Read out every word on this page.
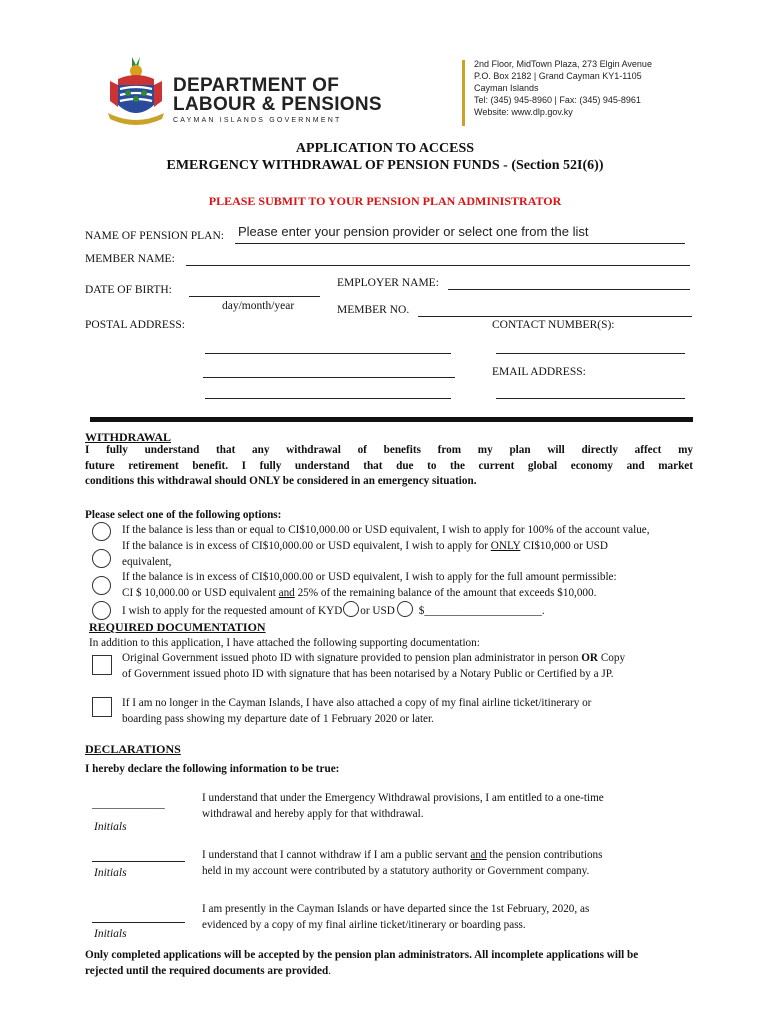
DEPARTMENT OF
LABOUR & PENSIONS
CAYMAN ISLANDS GOVERNMENT
2nd Floor, MidTown Plaza, 273 Elgin Avenue
P.O. Box 2182 | Grand Cayman KY1-1105
Cayman Islands
Tel: (345) 945-8960 | Fax: (345) 945-8961
Website: www.dlp.gov.ky
APPLICATION TO ACCESS
EMERGENCY WITHDRAWAL OF PENSION FUNDS - (Section 52I(6))
PLEASE SUBMIT TO YOUR PENSION PLAN ADMINISTRATOR
NAME OF PENSION PLAN: Please enter your pension provider or select one from the list
MEMBER NAME:
EMPLOYER NAME:
DATE OF BIRTH:
day/month/year	MEMBER NO.
POSTAL ADDRESS:	CONTACT NUMBER(S):
EMAIL ADDRESS:
WITHDRAWAL
I fully understand that any withdrawal of benefits from my plan will directly affect my
future retirement benefit. I fully understand that due to the current global economy and market
conditions this withdrawal should ONLY be considered in an emergency situation.
Please select one of the following options:
If the balance is less than or equal to CI$10,000.00 or USD equivalent, I wish to apply for 100% of the account value,
If the balance is in excess of CI$10,000.00 or USD equivalent, I wish to apply for ONLY CI$10,000 or USD
equivalent,
If the balance is in excess of CI$10,000.00 or USD equivalent, I wish to apply for the full amount permissible:
CI $ 10,000.00 or USD equivalent and 25% of the remaining balance of the amount that exceeds $10,000.
I wish to apply for the requested amount of KYD or USD $_____________________.
REQUIRED DOCUMENTATION
In addition to this application, I have attached the following supporting documentation:
Original Government issued photo ID with signature provided to pension plan administrator in person OR Copy
of Government issued photo ID with signature that has been notarised by a Notary Public or Certified by a JP.
If I am no longer in the Cayman Islands, I have also attached a copy of my final airline ticket/itinerary or
boarding pass showing my departure date of 1 February 2020 or later.
DECLARATIONS
I hereby declare the following information to be true:
_____________
Initials
I understand that under the Emergency Withdrawal provisions, I am entitled to a one-time
withdrawal and hereby apply for that withdrawal.
Initials
I understand that I cannot withdraw if I am a public servant and the pension contributions
held in my account were contributed by a statutory authority or Government company.
Initials
I am presently in the Cayman Islands or have departed since the 1st February, 2020, as
evidenced by a copy of my final airline ticket/itinerary or boarding pass.
Only completed applications will be accepted by the pension plan administrators. All incomplete applications will be
rejected until the required documents are provided.
